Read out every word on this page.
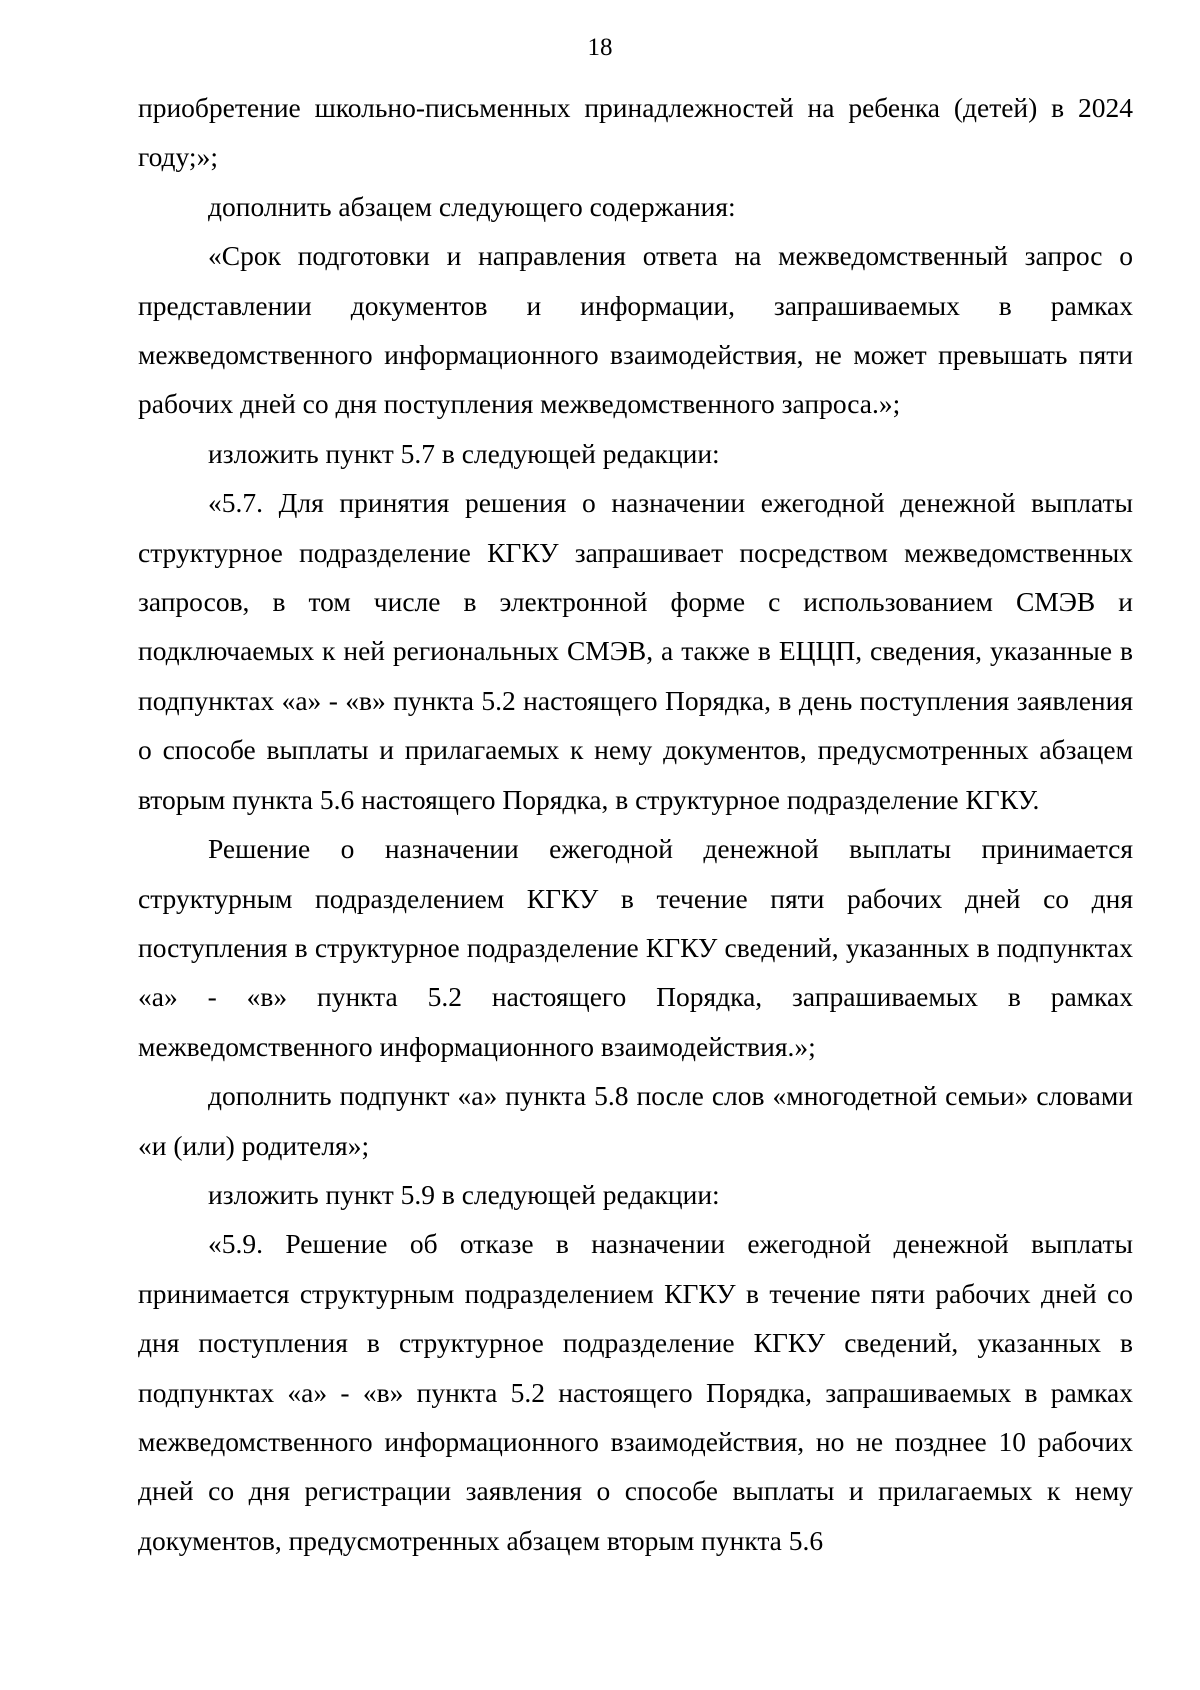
18

приобретение школьно-письменных принадлежностей на ребенка (детей) в 2024 году;»;

дополнить абзацем следующего содержания:

«Срок подготовки и направления ответа на межведомственный запрос о представлении документов и информации, запрашиваемых в рамках межведомственного информационного взаимодействия, не может превышать пяти рабочих дней со дня поступления межведомственного запроса.»;

изложить пункт 5.7 в следующей редакции:

«5.7. Для принятия решения о назначении ежегодной денежной выплаты структурное подразделение КГКУ запрашивает посредством межведомственных запросов, в том числе в электронной форме с использованием СМЭВ и подключаемых к ней региональных СМЭВ, а также в ЕЦЦП, сведения, указанные в подпунктах «а» - «в» пункта 5.2 настоящего Порядка, в день поступления заявления о способе выплаты и прилагаемых к нему документов, предусмотренных абзацем вторым пункта 5.6 настоящего Порядка, в структурное подразделение КГКУ.

Решение о назначении ежегодной денежной выплаты принимается структурным подразделением КГКУ в течение пяти рабочих дней со дня поступления в структурное подразделение КГКУ сведений, указанных в подпунктах «а» - «в» пункта 5.2 настоящего Порядка, запрашиваемых в рамках межведомственного информационного взаимодействия.»;

дополнить подпункт «а» пункта 5.8 после слов «многодетной семьи» словами «и (или) родителя»;

изложить пункт 5.9 в следующей редакции:

«5.9. Решение об отказе в назначении ежегодной денежной выплаты принимается структурным подразделением КГКУ в течение пяти рабочих дней со дня поступления в структурное подразделение КГКУ сведений, указанных в подпунктах «а» - «в» пункта 5.2 настоящего Порядка, запрашиваемых в рамках межведомственного информационного взаимодействия, но не позднее 10 рабочих дней со дня регистрации заявления о способе выплаты и прилагаемых к нему документов, предусмотренных абзацем вторым пункта 5.6
